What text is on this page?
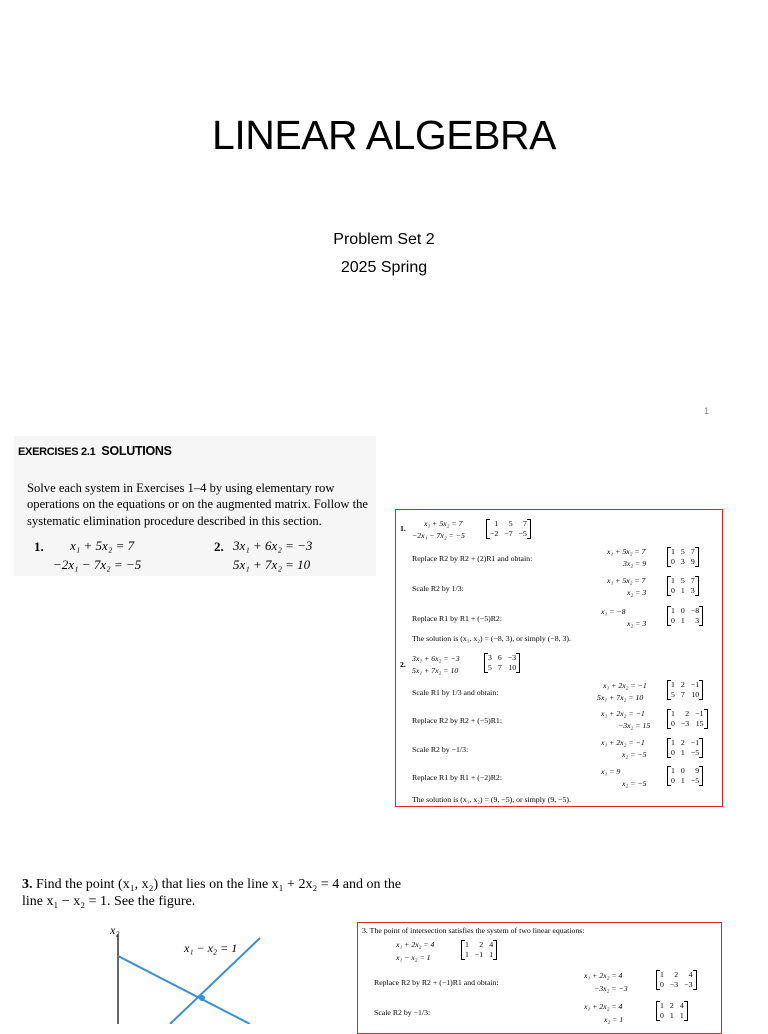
LINEAR ALGEBRA
Problem Set 2
2025 Spring
1
EXERCISES 2.1 SOLUTIONS
Solve each system in Exercises 1–4 by using elementary row operations on the equations or on the augmented matrix. Follow the systematic elimination procedure described in this section.
1. x₁ + 5x₂ = 7
−2x₁ − 7x₂ = −5
2. 3x₁ + 6x₂ = −3
5x₁ + 7x₂ = 10
1.
x₁ + 5x₂ = 7
−2x₁ − 7x₂ = −5
1	5	7
−2	−7	−5
Replace R2 by R2 + (2)R1 and obtain:
x₁ + 5x₂ = 7
3x₂ = 9
1	5	7
0	3	9
Scale R2 by 1/3:
x₁ + 5x₂ = 7
x₂ = 3
1	5	7
0	1	3
Replace R1 by R1 + (−5)R2:
x₁ = −8
x₂ = 3
1	0	−8
0	1	3
The solution is (x₁, x₂) = (−8, 3), or simply (−8, 3).
2.
3x₁ + 6x₂ = −3
5x₁ + 7x₂ = 10
3	6	−3
5	7	10
Scale R1 by 1/3 and obtain:
x₁ + 2x₂ = −1
5x₁ + 7x₂ = 10
1	2	−1
5	7	10
Replace R2 by R2 + (−5)R1:
x₁ + 2x₂ = −1
−3x₂ = 15
1	2	−1
0	−3	15
Scale R2 by −1/3:
x₁ + 2x₂ = −1
x₂ = −5
1	2	−1
0	1	−5
Replace R1 by R1 + (−2)R2:
x₁ = 9
x₂ = −5
1	0	9
0	1	−5
The solution is (x₁, x₂) = (9, −5), or simply (9, −5).
3. Find the point (x₁, x₂) that lies on the line x₁ + 2x₂ = 4 and on the line x₁ − x₂ = 1. See the figure.
x₂
x₁ − x₂ = 1
3. The point of intersection satisfies the system of two linear equations:
x₁ + 2x₂ = 4
x₁ − x₂ = 1
1	2	4
1	−1	1
Replace R2 by R2 + (−1)R1 and obtain:
x₁ + 2x₂ = 4
−3x₂ = −3
1	2	4
0	−3	−3
Scale R2 by −1/3:
x₁ + 2x₂ = 4
x₂ = 1
1	2	4
0	1	1
